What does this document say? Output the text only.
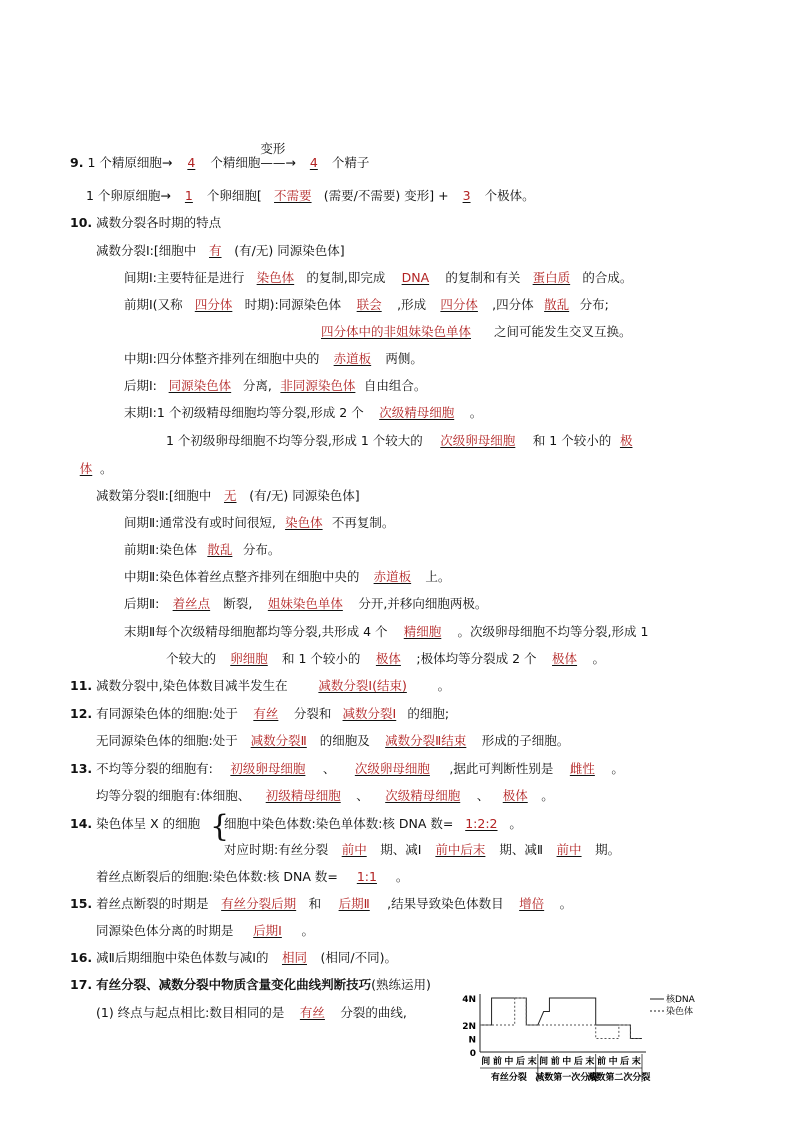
9. 1 个精原细胞→ 4 个精细胞
变形
——→ 4 个精子
1 个卵原细胞→ 1 个卵细胞[ 不需要 (需要/不需要) 变形] + 3 个极体。
10. 减数分裂各时期的特点
减数分裂Ⅰ:[细胞中 有 (有/无) 同源染色体]
间期Ⅰ:主要特征是进行 染色体 的复制,即完成 DNA 的复制和有关 蛋白质 的合成。
前期Ⅰ(又称 四分体 时期):同源染色体 联会 ,形成 四分体 ,四分体 散乱 分布;
四分体中的非姐妹染色单体 之间可能发生交叉互换。
中期Ⅰ:四分体整齐排列在细胞中央的 赤道板 两侧。
后期Ⅰ: 同源染色体 分离, 非同源染色体 自由组合。
末期Ⅰ:1 个初级精母细胞均等分裂,形成 2 个 次级精母细胞 。
1 个初级卵母细胞不均等分裂,形成 1 个较大的 次级卵母细胞 和 1 个较小的 极
体 。
减数第分裂Ⅱ:[细胞中 无 (有/无) 同源染色体]
间期Ⅱ:通常没有或时间很短, 染色体 不再复制。
前期Ⅱ:染色体 散乱 分布。
中期Ⅱ:染色体着丝点整齐排列在细胞中央的 赤道板 上。
后期Ⅱ: 着丝点 断裂, 姐妹染色单体 分开,并移向细胞两极。
末期Ⅱ每个次级精母细胞都均等分裂,共形成 4 个 精细胞 。次级卵母细胞不均等分裂,形成 1
个较大的 卵细胞 和 1 个较小的 极体 ;极体均等分裂成 2 个 极体 。
11. 减数分裂中,染色体数目减半发生在 减数分裂Ⅰ(结束) 。
12. 有同源染色体的细胞:处于 有丝 分裂和 减数分裂Ⅰ 的细胞;
无同源染色体的细胞:处于 减数分裂Ⅱ 的细胞及 减数分裂Ⅱ结束 形成的子细胞。
13. 不均等分裂的细胞有: 初级卵母细胞 、 次级卵母细胞 ,据此可判断性别是 雌性 。
均等分裂的细胞有:体细胞、 初级精母细胞 、 次级精母细胞 、 极体 。
14. 染色体呈 X 的细胞 {
细胞中染色体数:染色单体数:核 DNA 数= 1:2:2 。
对应时期:有丝分裂 前中 期、减Ⅰ 前中后末 期、减Ⅱ 前中 期。
着丝点断裂后的细胞:染色体数:核 DNA 数= 1:1 。
15. 着丝点断裂的时期是 有丝分裂后期 和 后期Ⅱ ,结果导致染色体数目 增倍 。
同源染色体分离的时期是 后期Ⅰ 。
16. 减Ⅱ后期细胞中染色体数与减Ⅰ的 相同 (相同/不同)。
17. 有丝分裂、减数分裂中物质含量变化曲线判断技巧(熟练运用)
(1) 终点与起点相比:数目相同的是 有丝 分裂的曲线,
4N
2N
N
0
间 前 中 后 末 间 前 中 后 末 前 中 后 末
有丝分裂 减数第一次分裂
减数第二次分裂
核DNA
染色体
